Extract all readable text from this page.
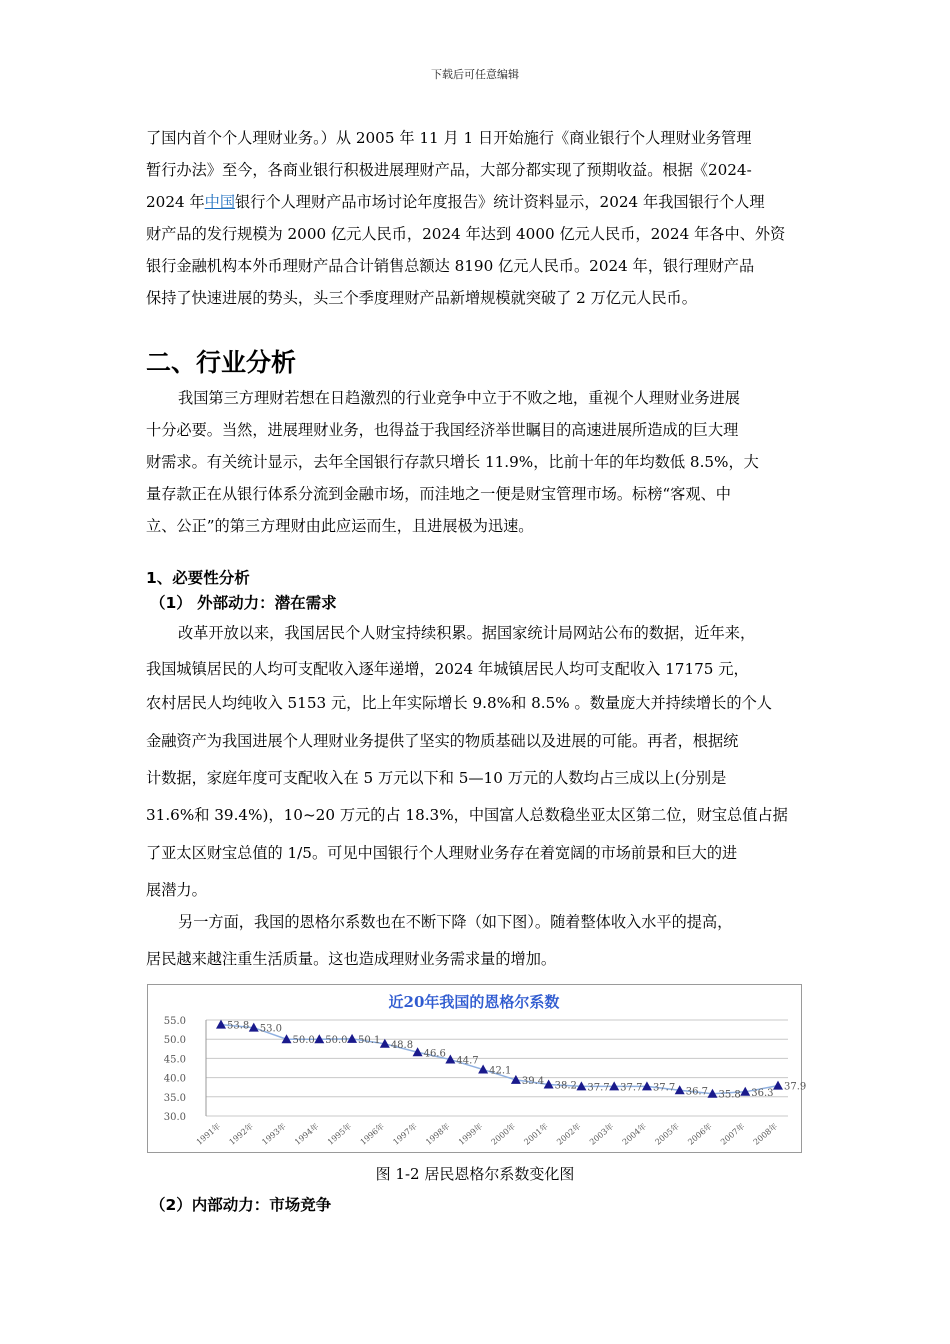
下载后可任意编辑
了国内首个个人理财业务。）从 2005 年 11 月 1 日开始施行《商业银行个人理财业务管理
暂行办法》至今，各商业银行积极进展理财产品，大部分都实现了预期收益。根据《2024-
2024 年中国银行个人理财产品市场讨论年度报告》统计资料显示，2024 年我国银行个人理
财产品的发行规模为 2000 亿元人民币，2024 年达到 4000 亿元人民币，2024 年各中、外资
银行金融机构本外币理财产品合计销售总额达 8190 亿元人民币。2024 年，银行理财产品
保持了快速进展的势头，头三个季度理财产品新增规模就突破了 2 万亿元人民币。
二、行业分析
我国第三方理财若想在日趋激烈的行业竞争中立于不败之地，重视个人理财业务进展
十分必要。当然，进展理财业务，也得益于我国经济举世瞩目的高速进展所造成的巨大理
财需求。有关统计显示，去年全国银行存款只增长 11.9%，比前十年的年均数低 8.5%，大
量存款正在从银行体系分流到金融市场，而洼地之一便是财宝管理市场。标榜“客观、中
立、公正”的第三方理财由此应运而生，且进展极为迅速。
1、必要性分析
（1） 外部动力：潜在需求
改革开放以来，我国居民个人财宝持续积累。据国家统计局网站公布的数据，近年来，
我国城镇居民的人均可支配收入逐年递增，2024 年城镇居民人均可支配收入 17175 元，
农村居民人均纯收入 5153 元，比上年实际增长 9.8%和 8.5% 。数量庞大并持续增长的个人
金融资产为我国进展个人理财业务提供了坚实的物质基础以及进展的可能。再者，根据统
计数据，家庭年度可支配收入在 5 万元以下和 5—10 万元的人数均占三成以上(分别是
31.6%和 39.4%)，10~20 万元的占 18.3%，中国富人总数稳坐亚太区第二位，财宝总值占据
了亚太区财宝总值的 1/5。可见中国银行个人理财业务存在着宽阔的市场前景和巨大的进
展潜力。
另一方面，我国的恩格尔系数也在不断下降（如下图）。随着整体收入水平的提高，
居民越来越注重生活质量。这也造成理财业务需求量的增加。
近20年我国的恩格尔系数
55.0
50.0
45.0
40.0
35.0
30.0
1991年 1992年 1993年 1994年 1995年 1996年 1997年 1998年 1999年 2000年 2001年 2002年 2003年 2004年 2005年 2006年 2007年 2008年
53.8 53.0
50.0 50.0 50.1 48.8
46.6
44.7
42.1
39.4 38.2 37.7 37.7 37.7 36.7 35.8 36.3
37.9
图 1-2 居民恩格尔系数变化图
（2）内部动力：市场竞争
